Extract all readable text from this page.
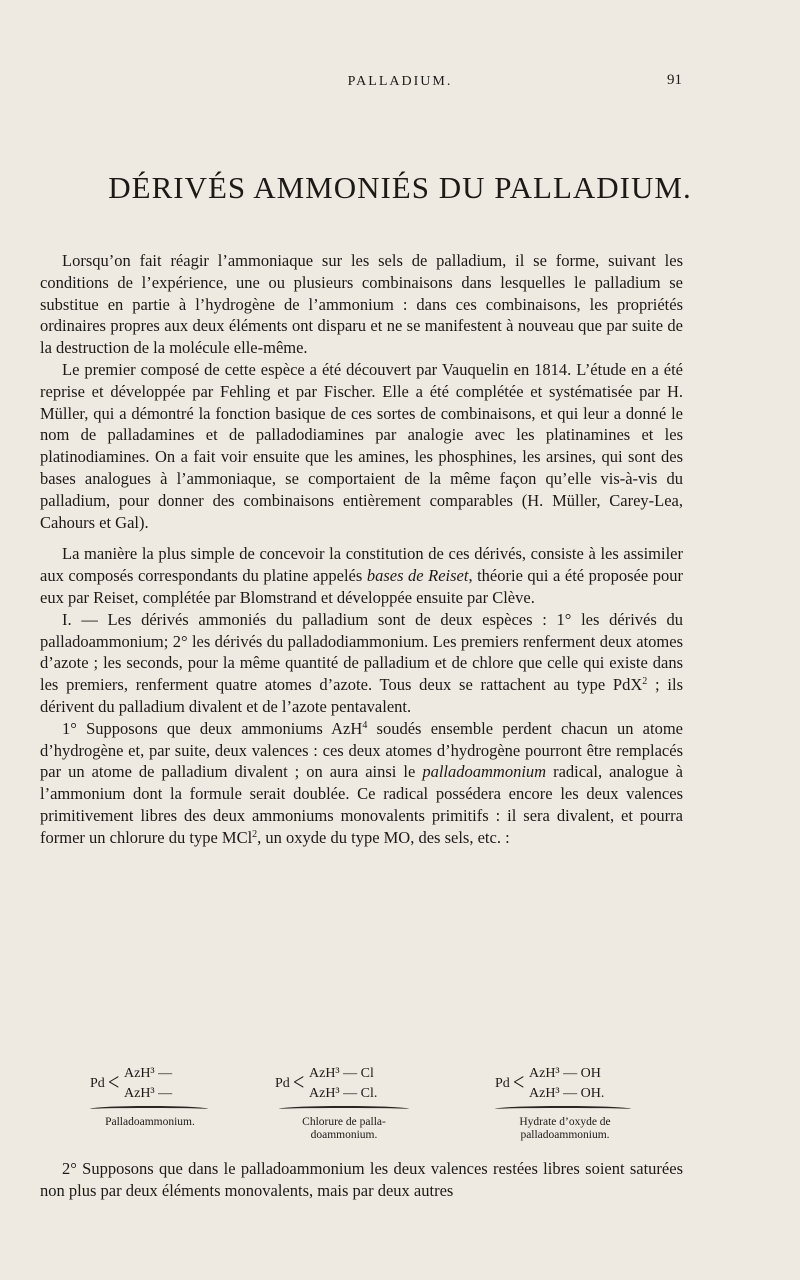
PALLADIUM.	91
DÉRIVÉS AMMONIÉS DU PALLADIUM.

Lorsqu’on fait réagir l’ammoniaque sur les sels de palladium, il se forme, suivant les conditions de l’expérience, une ou plusieurs combinaisons dans lesquelles le palladium se substitue en partie à l’hydrogène de l’ammonium : dans ces combinaisons, les propriétés ordinaires propres aux deux éléments ont disparu et ne se manifestent à nouveau que par suite de la destruction de la molécule elle-même.

Le premier composé de cette espèce a été découvert par Vauquelin en 1814. L’étude en a été reprise et développée par Fehling et par Fischer. Elle a été complétée et systématisée par H. Müller, qui a démontré la fonction basique de ces sortes de combinaisons, et qui leur a donné le nom de palladamines et de palladodiamines par analogie avec les platinamines et les platinodiamines. On a fait voir ensuite que les amines, les phosphines, les arsines, qui sont des bases analogues à l’ammoniaque, se comportaient de la même façon qu’elle vis-à-vis du palladium, pour donner des combinaisons entièrement comparables (H. Müller, Carey-Lea, Cahours et Gal).

La manière la plus simple de concevoir la constitution de ces dérivés, consiste à les assimiler aux composés correspondants du platine appelés bases de Reiset, théorie qui a été proposée pour eux par Reiset, complétée par Blomstrand et développée ensuite par Clève.

I. — Les dérivés ammoniés du palladium sont de deux espèces : 1° les dérivés du palladoammonium; 2° les dérivés du palladodiammonium. Les premiers renferment deux atomes d’azote ; les seconds, pour la même quantité de palladium et de chlore que celle qui existe dans les premiers, renferment quatre atomes d’azote. Tous deux se rattachent au type PdX$^2$ ; ils dérivent du palladium divalent et de l’azote pentavalent.

1° Supposons que deux ammoniums AzH$^4$ soudés ensemble perdent chacun un atome d’hydrogène et, par suite, deux valences : ces deux atomes d’hydrogène pourront être remplacés par un atome de palladium divalent ; on aura ainsi le palladoammonium radical, analogue à l’ammonium dont la formule serait doublée. Ce radical possédera encore les deux valences primitivement libres des deux ammoniums monovalents primitifs : il sera divalent, et pourra former un chlorure du type MCl$^2$, un oxyde du type MO, des sels, etc. :

Pd < AzH³ —
AzH³ —
Palladoammonium.
Pd < AzH³ — Cl
AzH³ — Cl.
Chlorure de palla-doammonium.
Pd < AzH³ — OH
AzH³ — OH.
Hydrate d’oxyde de palladoammonium.

2° Supposons que dans le palladoammonium les deux valences restées libres soient saturées non plus par deux éléments monovalents, mais par deux autres
